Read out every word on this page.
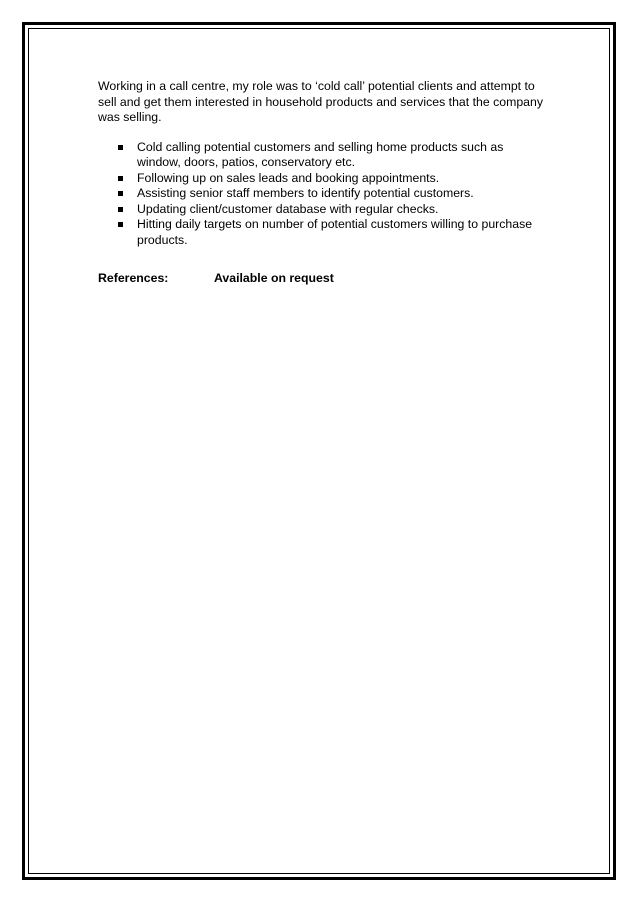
Working in a call centre, my role was to ‘cold call’ potential clients and attempt to sell and get them interested in household products and services that the company was selling.

Cold calling potential customers and selling home products such as window, doors, patios, conservatory etc.
Following up on sales leads and booking appointments.
Assisting senior staff members to identify potential customers.
Updating client/customer database with regular checks.
Hitting daily targets on number of potential customers willing to purchase products.
References:	Available on request
